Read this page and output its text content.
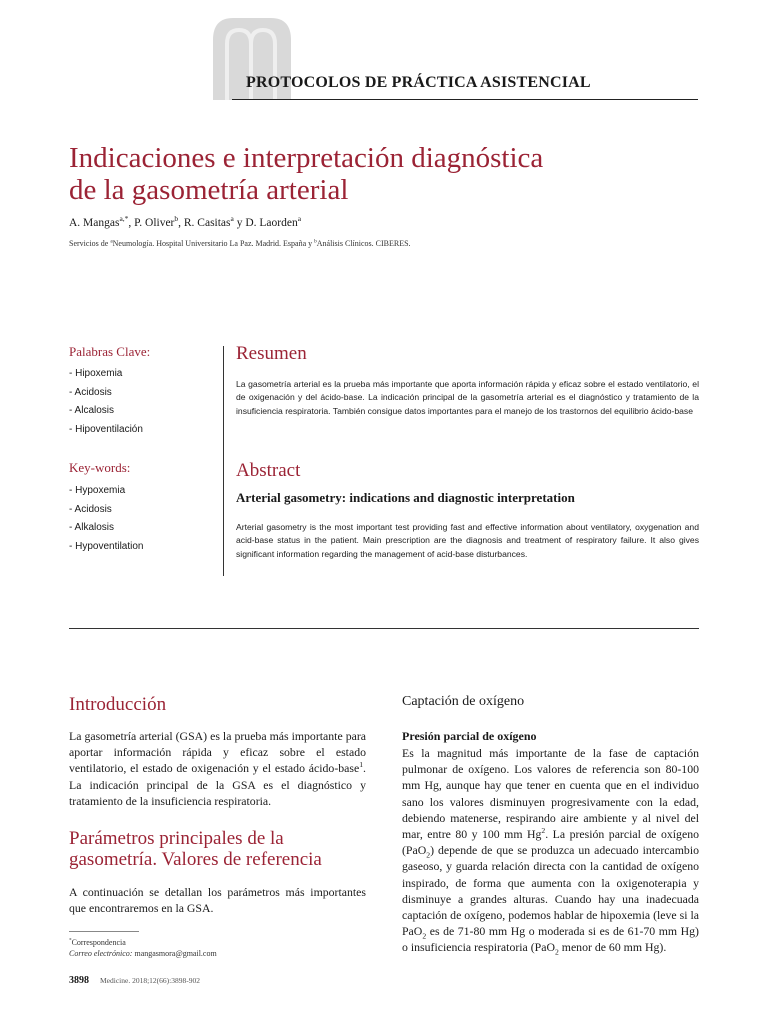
PROTOCOLOS DE PRÁCTICA ASISTENCIAL
Indicaciones e interpretación diagnóstica
de la gasometría arterial
A. Mangas$^{a,*}$, P. Oliver$^b$, R. Casitas$^a$ y D. Laorden$^a$
Servicios de $^a$Neumología. Hospital Universitario La Paz. Madrid. España y $^b$Análisis Clínicos. CIBERES.
Palabras Clave:
- Hipoxemia
- Acidosis
- Alcalosis
- Hipoventilación
Key-words:
- Hypoxemia
- Acidosis
- Alkalosis
- Hypoventilation
Resumen
La gasometría arterial es la prueba más importante que aporta información rápida y eficaz sobre el estado ventilatorio, el de oxigenación y del ácido-base. La indicación principal de la gasometría arterial es el diagnóstico y tratamiento de la insuficiencia respiratoria. También consigue datos importantes para el manejo de los trastornos del equilibrio ácido-base
Abstract
Arterial gasometry: indications and diagnostic interpretation
Arterial gasometry is the most important test providing fast and effective information about ventilatory, oxygenation and acid-base status in the patient. Main prescription are the diagnosis and treatment of respiratory failure. It also gives significant information regarding the management of acid-base disturbances.
Introducción

La gasometría arterial (GSA) es la prueba más importante para aportar información rápida y eficaz sobre el estado ventilatorio, el estado de oxigenación y el estado ácido-base$^1$. La indicación principal de la GSA es el diagnóstico y tratamiento de la insuficiencia respiratoria.

Parámetros principales de la
gasometría. Valores de referencia
A continuación se detallan los parámetros más importantes que encontraremos en la GSA.
*Correspondencia
Correo electrónico: mangasmora@gmail.com
3898 Medicine. 2018;12(66):3898-902
Captación de oxígeno
Presión parcial de oxígeno

Es la magnitud más importante de la fase de captación pulmonar de oxígeno. Los valores de referencia son 80-100 mm Hg, aunque hay que tener en cuenta que en el individuo sano los valores disminuyen progresivamente con la edad, debiendo matenerse, respirando aire ambiente y al nivel del mar, entre 80 y 100 mm Hg$^2$. La presión parcial de oxígeno (PaO$_2$) depende de que se produzca un adecuado intercambio gaseoso, y guarda relación directa con la cantidad de oxígeno inspirado, de forma que aumenta con la oxigenoterapia y disminuye a grandes alturas. Cuando hay una inadecuada captación de oxígeno, podemos hablar de hipoxemia (leve si la PaO$_2$ es de 71-80 mm Hg o moderada si es de 61-70 mm Hg) o insuficiencia respiratoria (PaO$_2$ menor de 60 mm Hg).
